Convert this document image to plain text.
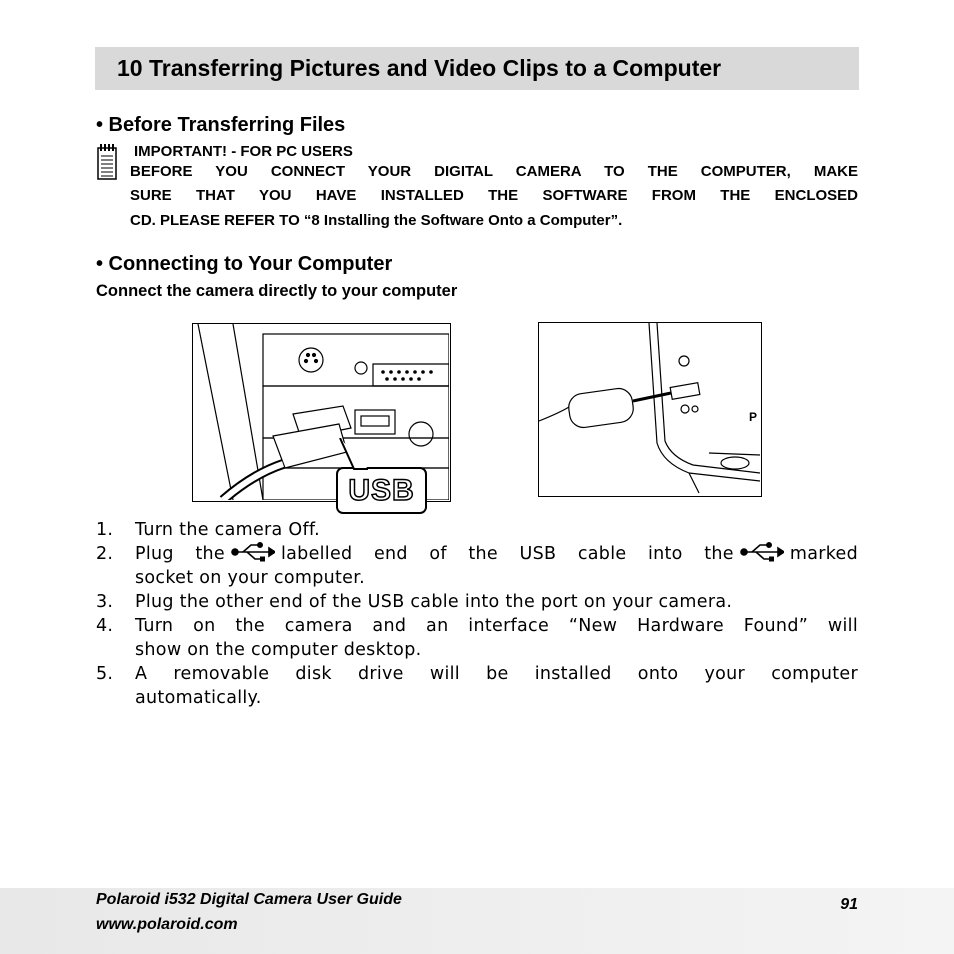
10 Transferring Pictures and Video Clips to a Computer
• Before Transferring Files
IMPORTANT! - FOR PC USERS
BEFORE YOU CONNECT YOUR DIGITAL CAMERA TO THE COMPUTER, MAKE
SURE THAT YOU HAVE INSTALLED THE SOFTWARE FROM THE ENCLOSED
CD. PLEASE REFER TO “8 Installing the Software Onto a Computer”.
• Connecting to Your Computer
Connect the camera directly to your computer
USB
P
1. Turn the camera Off.
2. Plug the	labelled end of the USB cable into the	marked
socket on your computer.
3. Plug the other end of the USB cable into the port on your camera.
4. Turn on the camera and an interface “New Hardware Found” will
show on the computer desktop.
5. A removable disk drive will be installed onto your computer
automatically.
Polaroid i532 Digital Camera User Guide
www.polaroid.com
91
